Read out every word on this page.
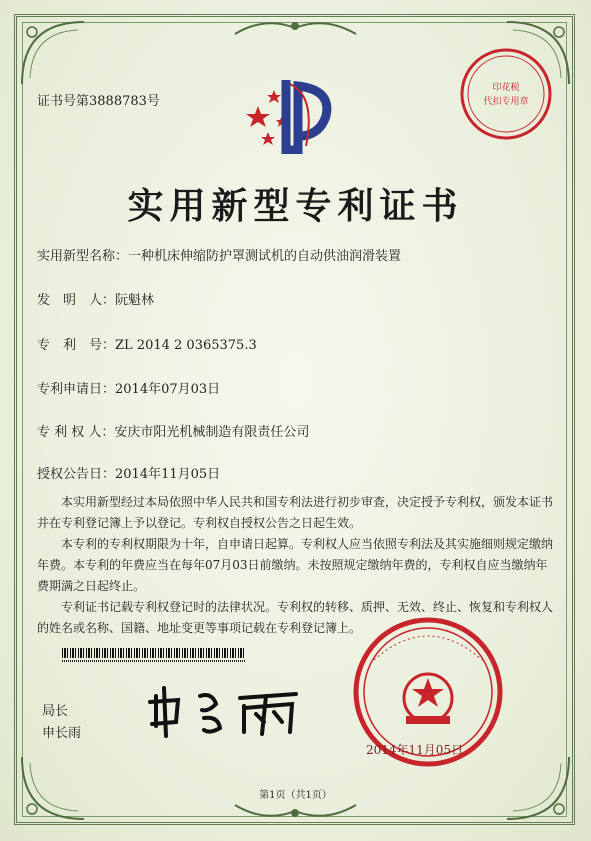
印花税
代扣专用章
证书号第3888783号
实用新型专利证书
实用新型名称：一种机床伸缩防护罩测试机的自动供油润滑装置
发　明　人：阮魁林
专　利　号：ZL 2014 2 0365375.3
专利申请日：2014年07月03日
专 利 权 人：安庆市阳光机械制造有限责任公司
授权公告日：2014年11月05日

本实用新型经过本局依照中华人民共和国专利法进行初步审查，决定授予专利权，颁发本证书并在专利登记簿上予以登记。专利权自授权公告之日起生效。

本专利的专利权期限为十年，自申请日起算。专利权人应当依照专利法及其实施细则规定缴纳年费。本专利的年费应当在每年07月03日前缴纳。未按照规定缴纳年费的，专利权自应当缴纳年费期满之日起终止。

专利证书记载专利权登记时的法律状况。专利权的转移、质押、无效、终止、恢复和专利权人的姓名或名称、国籍、地址变更等事项记载在专利登记簿上。

局长
申长雨
2014年11月05日
第1页（共1页）
